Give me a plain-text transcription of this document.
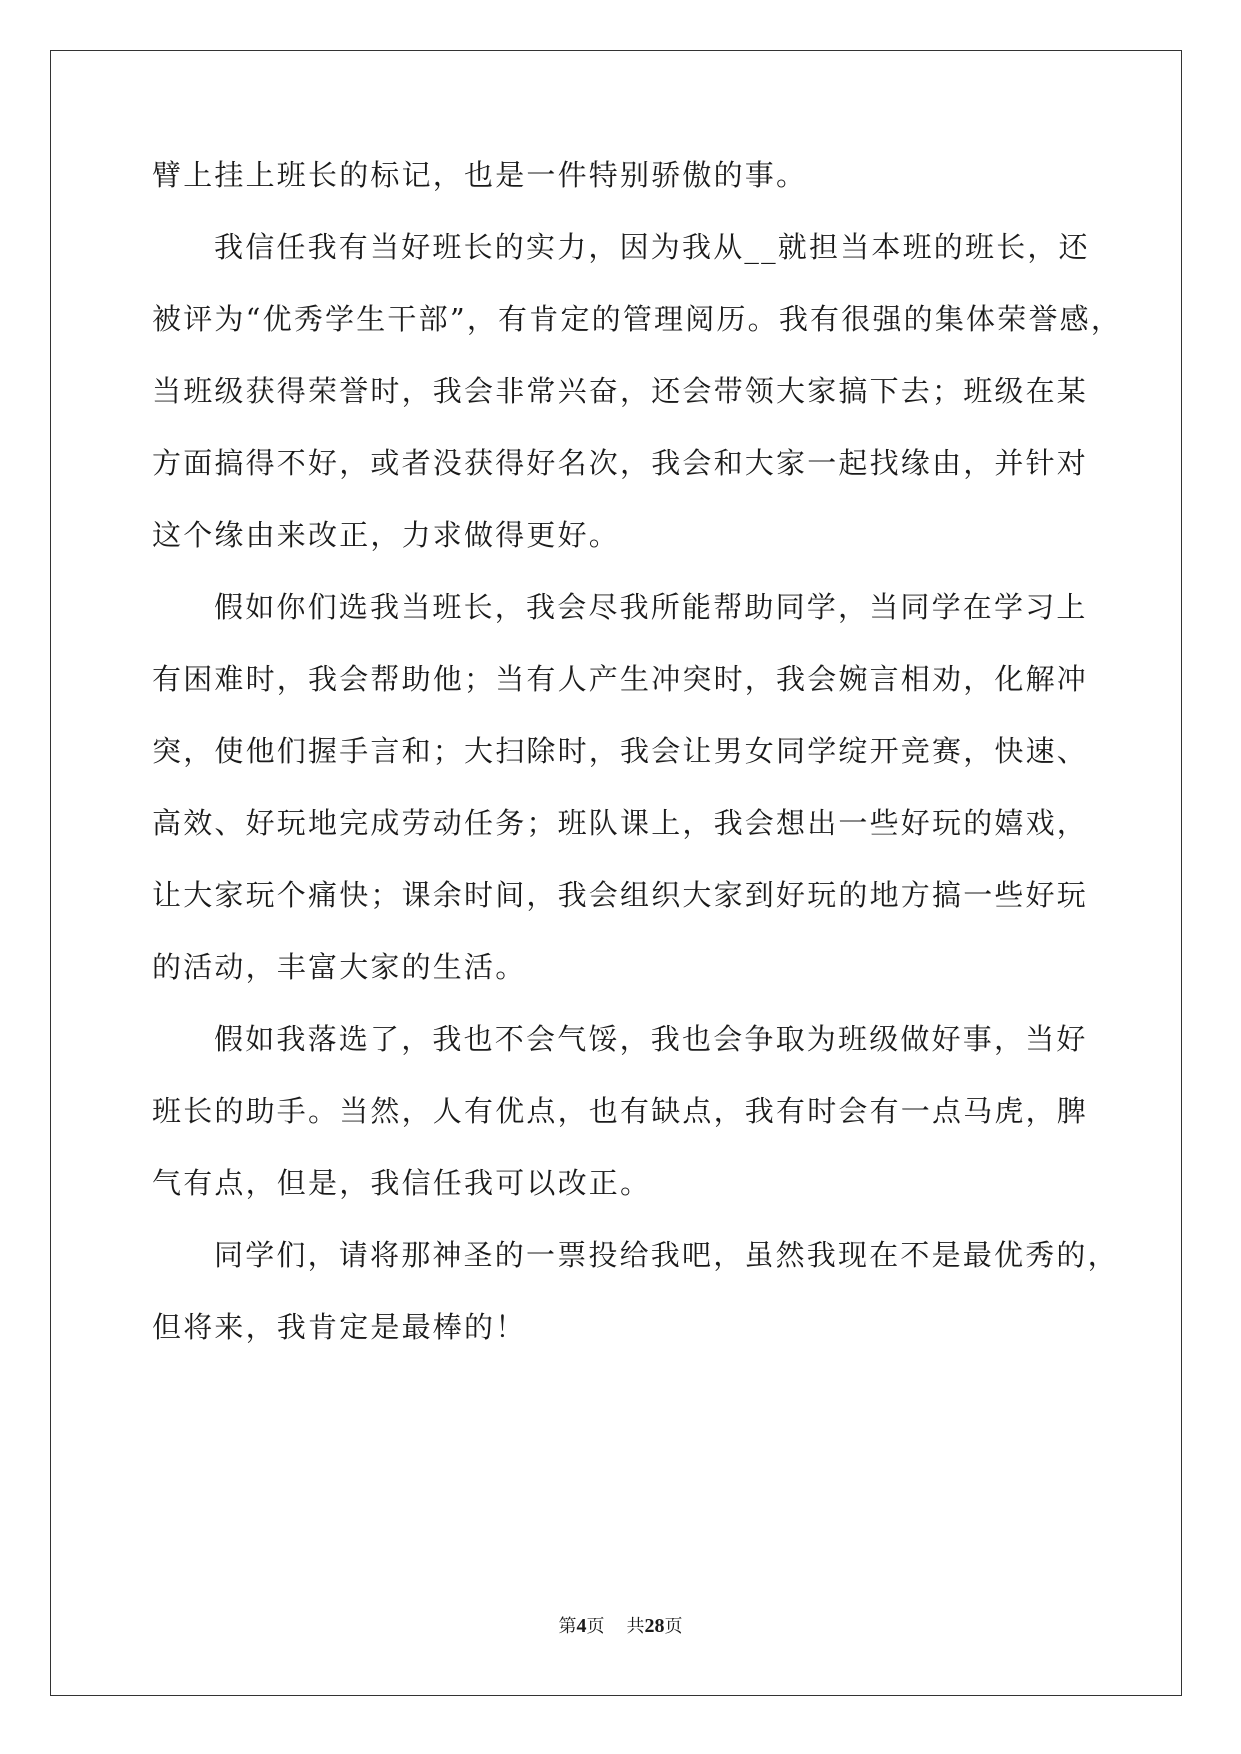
臂上挂上班长的标记，也是一件特别骄傲的事。
我信任我有当好班长的实力，因为我从__就担当本班的班长，还
被评为“优秀学生干部”，有肯定的管理阅历。我有很强的集体荣誉感，
当班级获得荣誉时，我会非常兴奋，还会带领大家搞下去；班级在某
方面搞得不好，或者没获得好名次，我会和大家一起找缘由，并针对
这个缘由来改正，力求做得更好。
假如你们选我当班长，我会尽我所能帮助同学，当同学在学习上
有困难时，我会帮助他；当有人产生冲突时，我会婉言相劝，化解冲
突，使他们握手言和；大扫除时，我会让男女同学绽开竞赛，快速、
高效、好玩地完成劳动任务；班队课上，我会想出一些好玩的嬉戏，
让大家玩个痛快；课余时间，我会组织大家到好玩的地方搞一些好玩
的活动，丰富大家的生活。
假如我落选了，我也不会气馁，我也会争取为班级做好事，当好
班长的助手。当然，人有优点，也有缺点，我有时会有一点马虎，脾
气有点，但是，我信任我可以改正。
同学们，请将那神圣的一票投给我吧，虽然我现在不是最优秀的，
但将来，我肯定是最棒的！
第4页 共28页
